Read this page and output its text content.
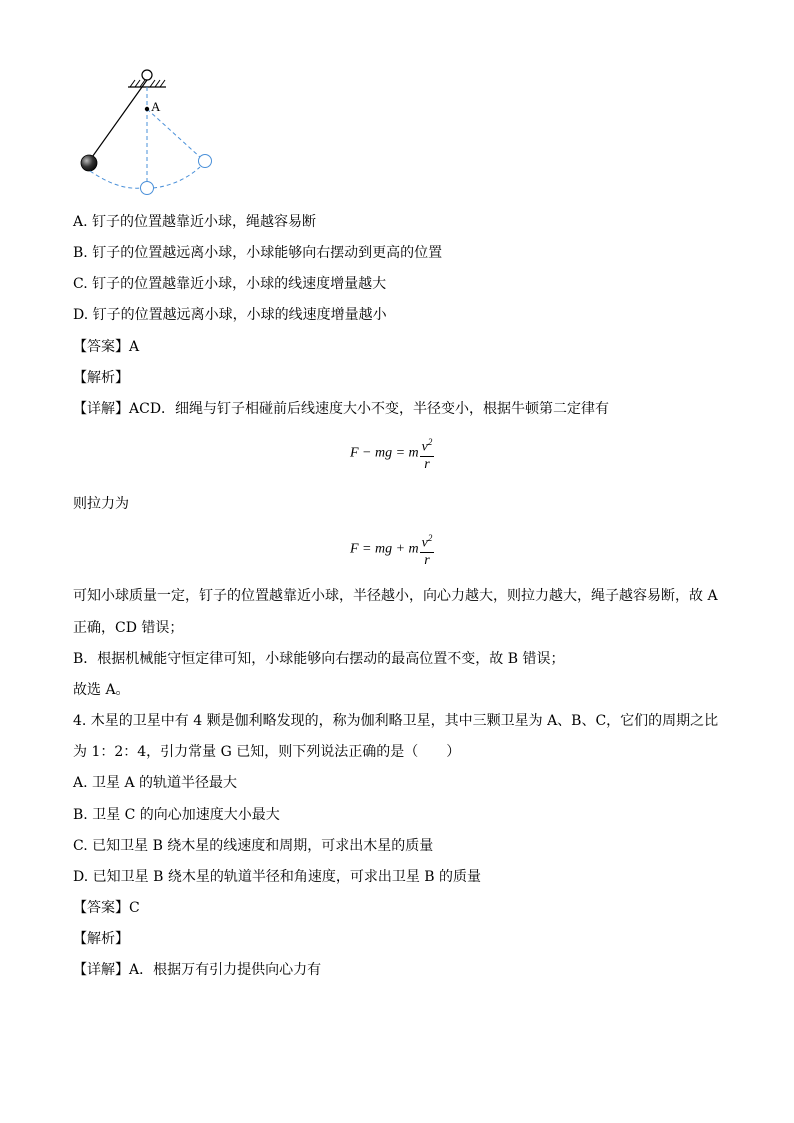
A
A. 钉子的位置越靠近小球，绳越容易断
B. 钉子的位置越远离小球，小球能够向右摆动到更高的位置
C. 钉子的位置越靠近小球，小球的线速度增量越大
D. 钉子的位置越远离小球，小球的线速度增量越小
【答案】A
【解析】
【详解】ACD．细绳与钉子相碰前后线速度大小不变，半径变小，根据牛顿第二定律有
F − mg = m $\frac{v^2}{r}$
则拉力为
F = mg + m $\frac{v^2}{r}$
可知小球质量一定，钉子的位置越靠近小球，半径越小，向心力越大，则拉力越大，绳子越容易断，故 A
正确，CD 错误；
B．根据机械能守恒定律可知，小球能够向右摆动的最高位置不变，故 B 错误；
故选 A。
4. 木星的卫星中有 4 颗是伽利略发现的，称为伽利略卫星，其中三颗卫星为 A、B、C，它们的周期之比
为 1：2：4，引力常量 G 已知，则下列说法正确的是（　　）
A. 卫星 A 的轨道半径最大
B. 卫星 C 的向心加速度大小最大
C. 已知卫星 B 绕木星的线速度和周期，可求出木星的质量
D. 已知卫星 B 绕木星的轨道半径和角速度，可求出卫星 B 的质量
【答案】C
【解析】
【详解】A．根据万有引力提供向心力有
